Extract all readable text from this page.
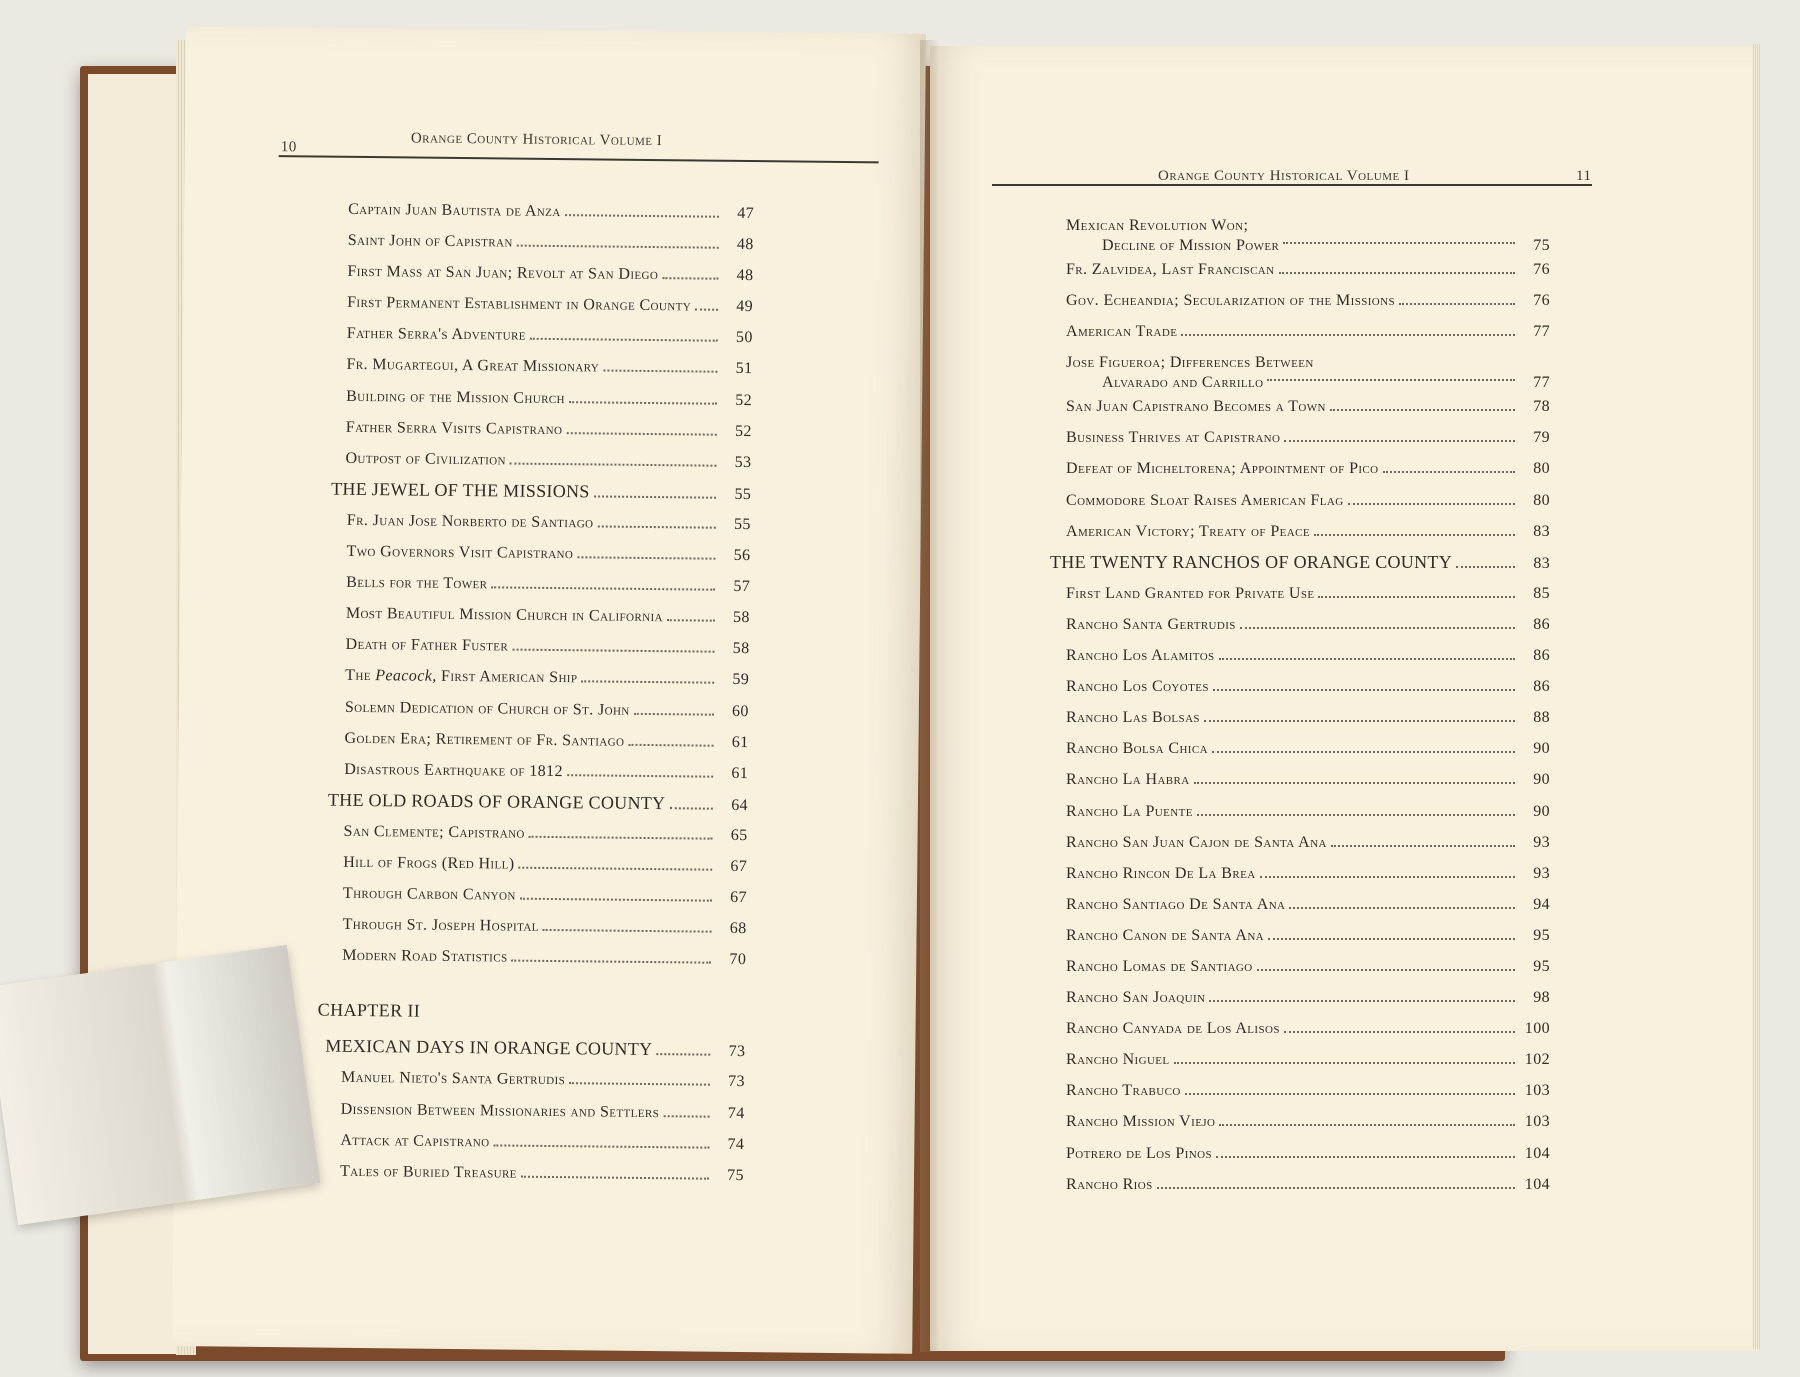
10	Orange County Historical Volume I
Captain Juan Bautista de Anza	47
Saint John of Capistran	48
First Mass at San Juan; Revolt at San Diego	48
First Permanent Establishment in Orange County	49
Father Serra's Adventure	50
Fr. Mugartegui, A Great Missionary	51
Building of the Mission Church	52
Father Serra Visits Capistrano	52
Outpost of Civilization	53
THE JEWEL OF THE MISSIONS	55
Fr. Juan Jose Norberto de Santiago	55
Two Governors Visit Capistrano	56
Bells for the Tower	57
Most Beautiful Mission Church in California	58
Death of Father Fuster	58
The Peacock, First American Ship	59
Solemn Dedication of Church of St. John	60
Golden Era; Retirement of Fr. Santiago	61
Disastrous Earthquake of 1812	61
THE OLD ROADS OF ORANGE COUNTY	64
San Clemente; Capistrano	65
Hill of Frogs (Red Hill)	67
Through Carbon Canyon	67
Through St. Joseph Hospital	68
Modern Road Statistics	70
CHAPTER II
MEXICAN DAYS IN ORANGE COUNTY	73
Manuel Nieto's Santa Gertrudis	73
Dissension Between Missionaries and Settlers	74
Attack at Capistrano	74
Tales of Buried Treasure	75
Orange County Historical Volume I	11
Mexican Revolution Won;
Decline of Mission Power	75
Fr. Zalvidea, Last Franciscan	76
Gov. Echeandia; Secularization of the Missions	76
American Trade	77
Jose Figueroa; Differences Between
Alvarado and Carrillo	77
San Juan Capistrano Becomes a Town	78
Business Thrives at Capistrano	79
Defeat of Micheltorena; Appointment of Pico	80
Commodore Sloat Raises American Flag	80
American Victory; Treaty of Peace	83
THE TWENTY RANCHOS OF ORANGE COUNTY	83
First Land Granted for Private Use	85
Rancho Santa Gertrudis	86
Rancho Los Alamitos	86
Rancho Los Coyotes	86
Rancho Las Bolsas	88
Rancho Bolsa Chica	90
Rancho La Habra	90
Rancho La Puente	90
Rancho San Juan Cajon de Santa Ana	93
Rancho Rincon De La Brea	93
Rancho Santiago De Santa Ana	94
Rancho Canon de Santa Ana	95
Rancho Lomas de Santiago	95
Rancho San Joaquin	98
Rancho Canyada de Los Alisos	100
Rancho Niguel	102
Rancho Trabuco	103
Rancho Mission Viejo	103
Potrero de Los Pinos	104
Rancho Rios	104
